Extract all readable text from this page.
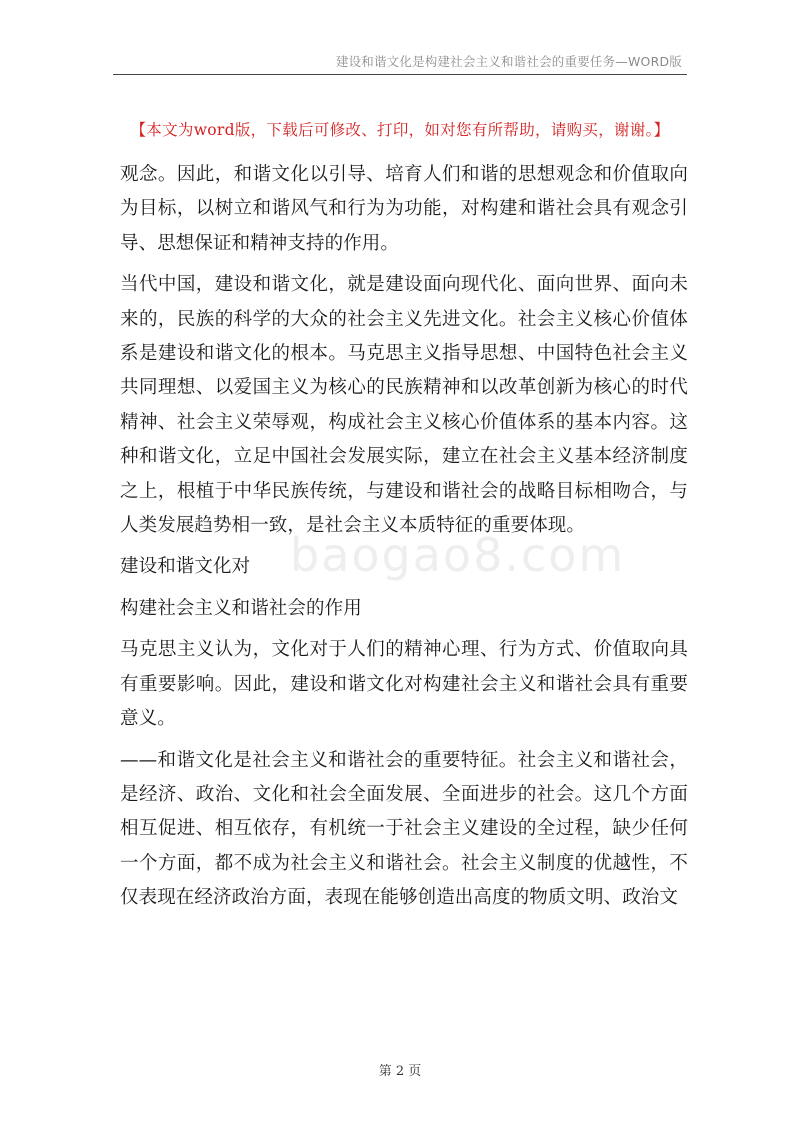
建设和谐文化是构建社会主义和谐社会的重要任务—WORD版
【本文为word版，下载后可修改、打印，如对您有所帮助，请购买，谢谢。】
baogao8.com

观念。因此，和谐文化以引导、培育人们和谐的思想观念和价值取向为目标，以树立和谐风气和行为为功能，对构建和谐社会具有观念引导、思想保证和精神支持的作用。

当代中国，建设和谐文化，就是建设面向现代化、面向世界、面向未来的，民族的科学的大众的社会主义先进文化。社会主义核心价值体系是建设和谐文化的根本。马克思主义指导思想、中国特色社会主义共同理想、以爱国主义为核心的民族精神和以改革创新为核心的时代精神、社会主义荣辱观，构成社会主义核心价值体系的基本内容。这种和谐文化，立足中国社会发展实际，建立在社会主义基本经济制度之上，根植于中华民族传统，与建设和谐社会的战略目标相吻合，与人类发展趋势相一致，是社会主义本质特征的重要体现。

建设和谐文化对

构建社会主义和谐社会的作用

马克思主义认为，文化对于人们的精神心理、行为方式、价值取向具有重要影响。因此，建设和谐文化对构建社会主义和谐社会具有重要意义。

——和谐文化是社会主义和谐社会的重要特征。社会主义和谐社会，是经济、政治、文化和社会全面发展、全面进步的社会。这几个方面相互促进、相互依存，有机统一于社会主义建设的全过程，缺少任何一个方面，都不成为社会主义和谐社会。社会主义制度的优越性，不仅表现在经济政治方面，表现在能够创造出高度的物质文明、政治文

第 2 页
